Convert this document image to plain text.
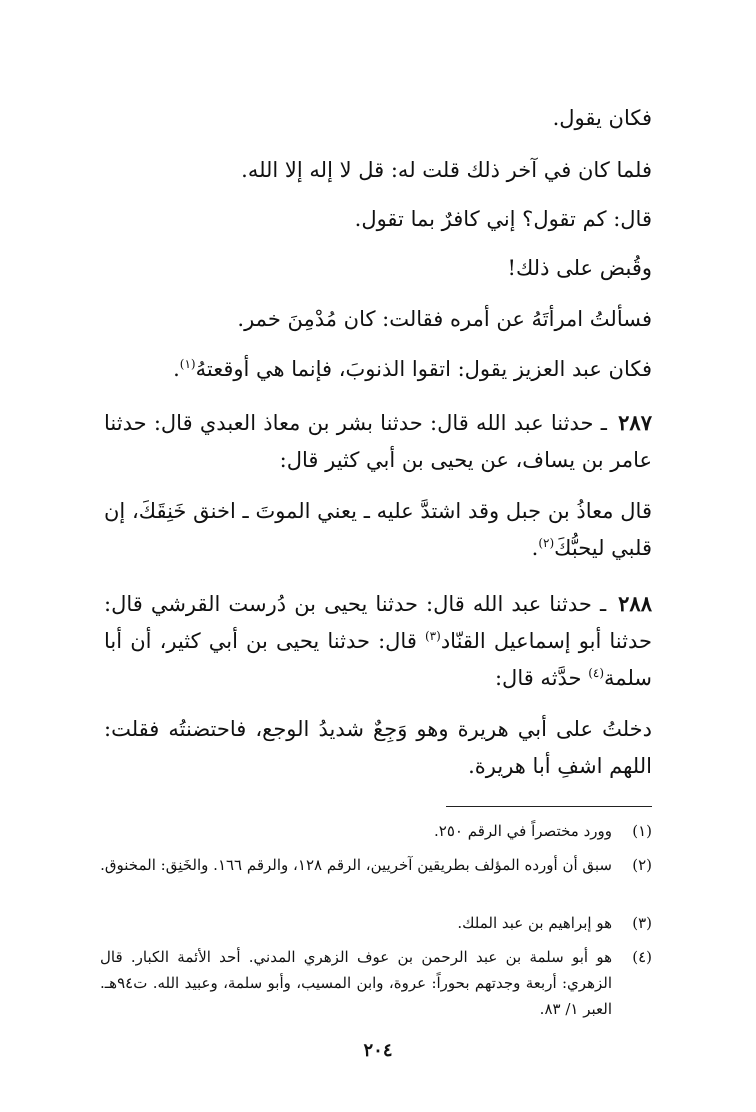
فكان يقول.
فلما كان في آخر ذلك قلت له: قل لا إله إلا الله.
قال: كم تقول؟ إني كافرٌ بما تقول.
وقُبض على ذلك!
فسألتُ امرأتَهُ عن أمره فقالت: كان مُدْمِنَ خمر.
فكان عبد العزيز يقول: اتقوا الذنوبَ، فإنما هي أوقعتهُ$^{(١)}$.
٢٨٧ ـ حدثنا عبد الله قال: حدثنا بشر بن معاذ العبدي قال: حدثنا عامر بن يساف، عن يحيى بن أبي كثير قال:
قال معاذُ بن جبل وقد اشتدَّ عليه ـ يعني الموتَ ـ اخنق خَنِقَكَ، إن قلبي ليحبُّكَ$^{(٢)}$.
٢٨٨ ـ حدثنا عبد الله قال: حدثنا يحيى بن دُرست القرشي قال: حدثنا أبو إسماعيل القنّاد$^{(٣)}$ قال: حدثنا يحيى بن أبي كثير، أن أبا سلمة$^{(٤)}$ حدَّثه قال:
دخلتُ على أبي هريرة وهو وَجِعٌ شديدُ الوجع، فاحتضنتُه فقلت: اللهم اشفِ أبا هريرة.
(١)
وورد مختصراً في الرقم ٢٥٠.
(٢)
سبق أن أورده المؤلف بطريقين آخريين، الرقم ١٢٨، والرقم ١٦٦. والخَنِق: المخنوق.
(٣)
هو إبراهيم بن عبد الملك.
(٤)
هو أبو سلمة بن عبد الرحمن بن عوف الزهري المدني. أحد الأئمة الكبار. قال الزهري: أربعة وجدتهم بحوراً: عروة، وابن المسيب، وأبو سلمة، وعبيد الله. ت٩٤هـ. العبر ١/ ٨٣.
٢٠٤
